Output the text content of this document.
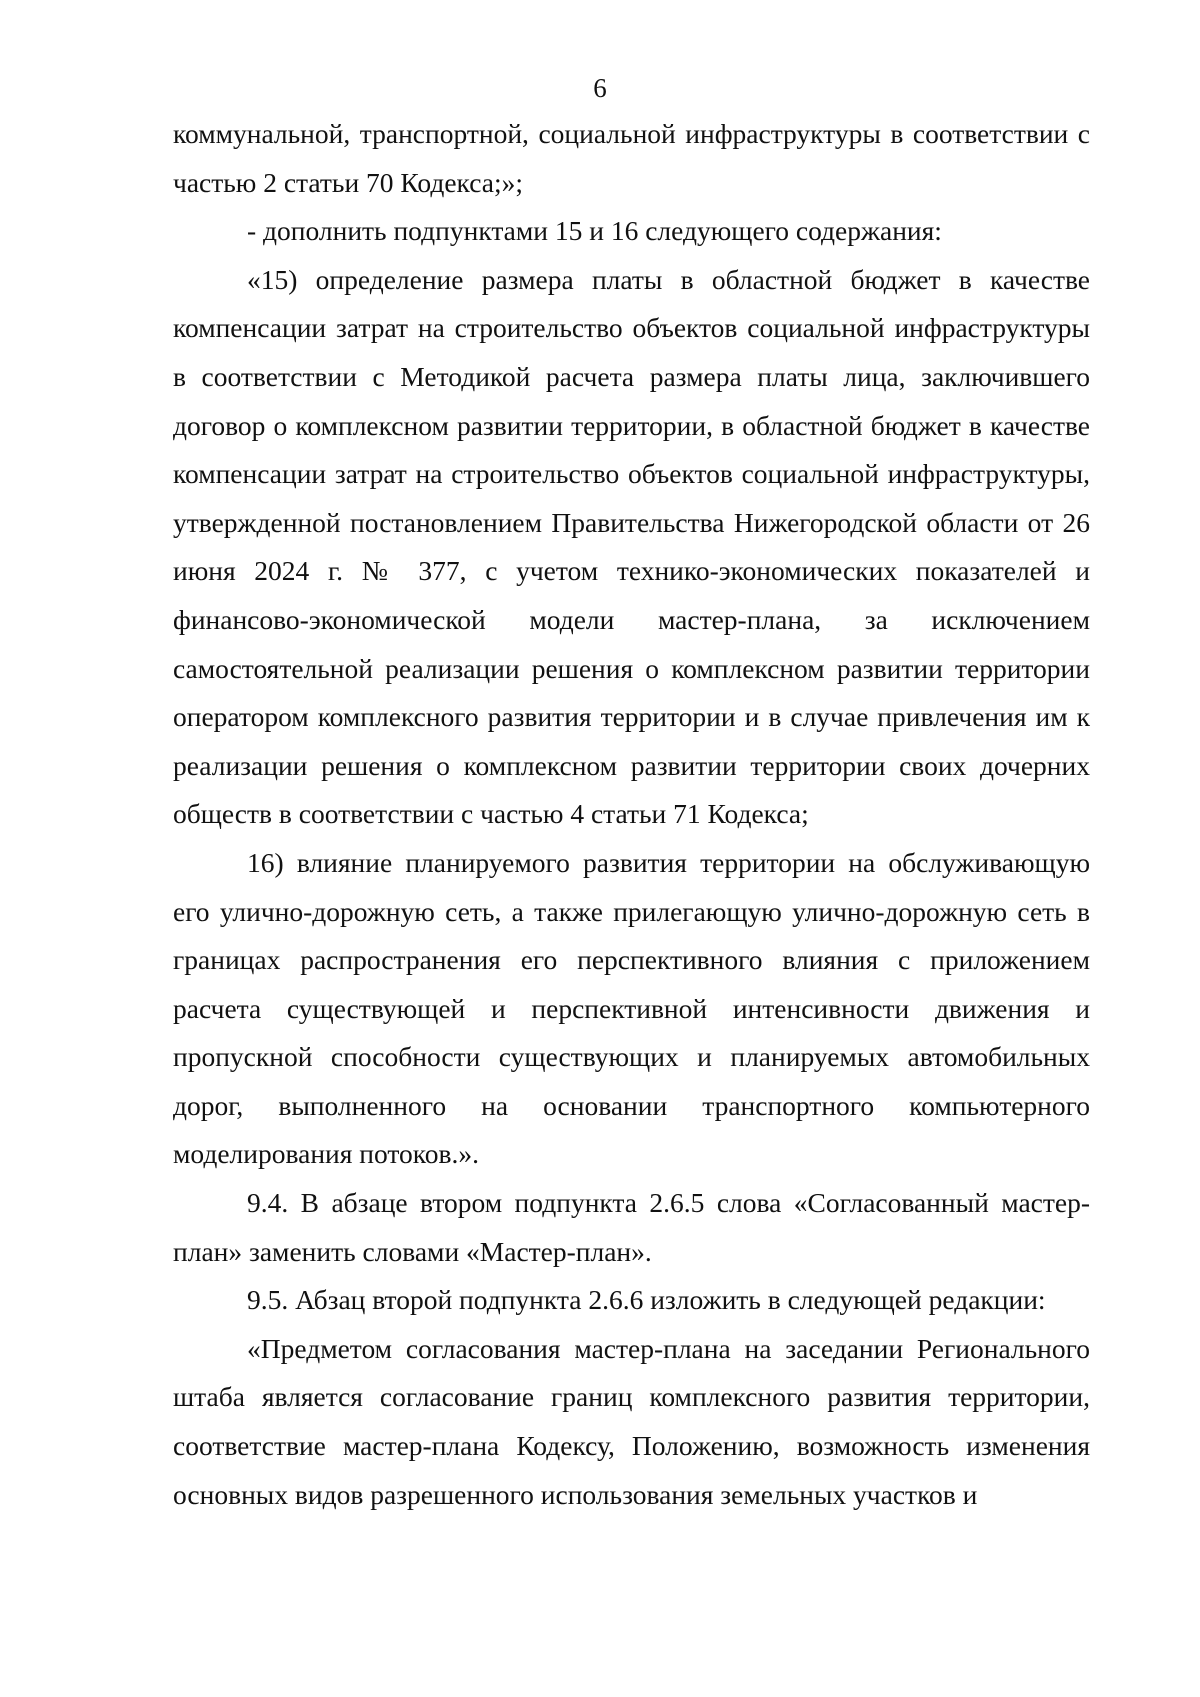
6

коммунальной, транспортной, социальной инфраструктуры в соответствии с частью 2 статьи 70 Кодекса;»;

- дополнить подпунктами 15 и 16 следующего содержания:

«15) определение размера платы в областной бюджет в качестве компенсации затрат на строительство объектов социальной инфраструктуры в соответствии с Методикой расчета размера платы лица, заключившего договор о комплексном развитии территории, в областной бюджет в качестве компенсации затрат на строительство объектов социальной инфраструктуры, утвержденной постановлением Правительства Нижегородской области от 26 июня 2024 г. № 377, с учетом технико-экономических показателей и финансово-экономической модели мастер-плана, за исключением самостоятельной реализации решения о комплексном развитии территории оператором комплексного развития территории и в случае привлечения им к реализации решения о комплексном развитии территории своих дочерних обществ в соответствии с частью 4 статьи 71 Кодекса;

16) влияние планируемого развития территории на обслуживающую его улично-дорожную сеть, а также прилегающую улично-дорожную сеть в границах распространения его перспективного влияния с приложением расчета существующей и перспективной интенсивности движения и пропускной способности существующих и планируемых автомобильных дорог, выполненного на основании транспортного компьютерного моделирования потоков.».

9.4. В абзаце втором подпункта 2.6.5 слова «Согласованный мастер-план» заменить словами «Мастер-план».

9.5. Абзац второй подпункта 2.6.6 изложить в следующей редакции:

«Предметом согласования мастер-плана на заседании Регионального штаба является согласование границ комплексного развития территории, соответствие мастер-плана Кодексу, Положению, возможность изменения основных видов разрешенного использования земельных участков и
